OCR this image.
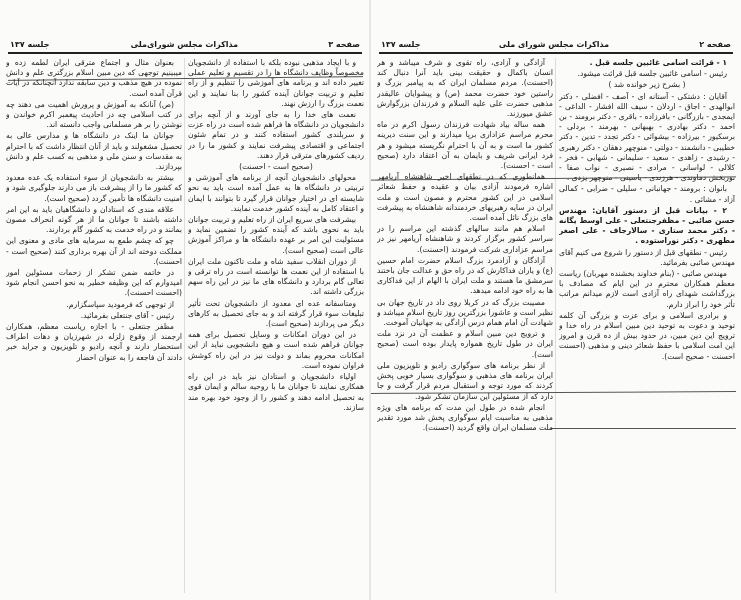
صفحه ۳
مذاکرات مجلس شورای‌ملی
جلسه ۱۳۷

و با ایجاد مذهبی نبوده بلکه با استفاده از دانشجویان مخصوصاً وظایف دانشگاه ها را در تقسیم و تعلیم عملی تغییر داده اند و برنامه های آموزشی را تنظیم و از راه تعلیم و تربیت جوانان آینده کشور را بنا نمایند و این نعمت بزرگ را ارزش نهند.

نعمت های خدا را به جای آورند و از آنچه برای دانشجویان در دانشگاه ها فراهم شده است در راه عزت و سربلندی کشور استفاده کنند و در تمام شئون اجتماعی و اقتصادی پیشرفت نمایند و کشور ما را در ردیف کشورهای مترقی قرار دهند.

(صحیح است - احسنت)

محولهای دانشجویان آنچه از برنامه های آموزشی و تربیتی در دانشگاه ها به عمل آمده است باید به نحو شایسته ای در اختیار جوانان قرار گیرد تا بتوانند با ایمان و اعتقاد کامل به آینده کشور خدمت نمایند.

بیشرفت های سریع ایران از راه تعلیم و تربیت جوانان باید به نحوی باشد که آینده کشور را تضمین نماید و مسئولیت این امر بر عهده دانشگاه ها و مراکز آموزش عالی است (صحیح است).

از دوران انقلاب سفید شاه و ملت تاکنون ملت ایران با استفاده از این نعمت ها توانسته است در راه ترقی و تعالی گام بردارد و دانشگاه های ما نیز در این راه سهم بزرگی داشته اند.

ومتاسفانه عده ای معدود از دانشجویان تحت تأثیر تبلیغات سوء قرار گرفته اند و به جای تحصیل به کارهای دیگر می پردازند (صحیح است).

در این دوران امکانات و وسایل تحصیل برای همه جوانان فراهم شده است و هیچ دانشجویی نباید از این امکانات محروم بماند و دولت نیز در این راه کوشش فراوان نموده است.

اولیاء دانشجویان و استادان نیز باید در این راه همکاری نمایند تا جوانان ما با روحیه سالم و ایمان قوی به تحصیل ادامه دهند و کشور را از وجود خود بهره مند سازند.

بعنوان مثال و اجتماع مترقی ایران لطمه زده و میبینیم توجهی که دین مبین اسلام بزرگتری علم و دانش نموده در هیچ مذهب و دین سابقه ندارد آنچنانکه در آیات قرآن آمده است.

(ص) آنانکه به آموزش و پرورش اهمیت می دهند چه در کتب اسلامی چه در احادیث پیغمبر اکرم خواندن و نوشتن را بر هر مسلمانی واجب دانسته اند.

جوانان ما اینک در دانشگاه ها و مدارس عالی به تحصیل مشغولند و باید از آنان انتظار داشت که با احترام به مقدسات و سنن ملی و مذهبی به کسب علم و دانش بپردازند.

بیشتر به دانشجویان از سوء استفاده یک عده معدود که کشور ما را از پیشرفت باز می دارند جلوگیری شود و امنیت دانشگاه ها تأمین گردد (صحیح است).

علاقه مندی که استادان و دانشگاهیان باید به این امر داشته باشند تا جوانان ما از هر گونه انحراف مصون بمانند و در راه خدمت به کشور گام بردارند.

چو که چشم طمع به سرمایه های مادی و معنوی این مملکت دوخته اند از آن بهره برداری کنند (صحیح است - احسنت).

در خاتمه ضمن تشکر از زحمات مسئولین امور امیدوارم که این وظیفه خطیر به نحو احسن انجام شود (احسنت احسنت).

از توجهی که فرمودید سپاسگزارم.

رئیس - آقای جنتعلی بفرمائید.

مظفر جنتعلی - با اجازه ریاست معظم، همکاران ارجمند از وقوع زلزله در شهرزیان و دهات اطراف استحضار دارند و آنچه رادیو و تلویزیون و جراید خبر دادند آن فاجعه را به عنوان احضار

صفحه ۲
مذاکرات مجلس شورای ملی
جلسه ۱۳۷

۱ - قرائت اسامی غائبین جلسه قبل .

رئیس - اسامی غائبین جلسه قبل قرائت میشود.

( بشرح زیر خوانده شد )

آقایان : دشتکی - آستانه ای - آصف - افضلی - دکتر ابوالهدی - اجاق - اردلان - سیف الله افشار - الداغی - ایمجدی - بازرگانی - بافرزاده - باقری - دکتر برومند - بن احمد - دکتر بهادری - بهبهانی - بهرمند - بردلی - برسکیور - بیرزاده - بیشوائی - دکتر تجدد - تدین - دکتر خطیبی - دانشمند - دولتی - منوچهر دهقان - دکتر رهبری - رشیدی - زاهدی - سعید - سلیمانی - شهابی - فخر - کلالی - لواسانی - مرادی - نصیری - نواب صفا - نوربخش دماوندی - هرزندی - یاسینی - منوچهر یزدی .

بانوان : برومند - جهانبانی - سلیلی - ضرابی - کمالی آزاد - مشائی .

۲ - بیانات قبل از دستور آقایان: مهندس حسن صائبی - مظفرجنتعلی - علی اوسط یگانه - دکتر محمد ستاری - سالارجاف - علی اصغر مطهری - دکتر نوراستوده .

رئیس - نطقهای قبل از دستور را شروع می کنیم آقای مهندس صائبی بفرمائید.

مهندس صائبی - (بنام خداوند بخشنده مهربان) ریاست معظم همکاران محترم در این ایام که مصادف با بزرگداشت شهدای راه آزادی است لازم میدانم مراتب تأثر خود را ابراز دارم.

و برادری اسلامی و برای عزت و بزرگی آن کلمه توحید و دعوت به توحید دین مبین اسلام در راه خدا و ترویج این دین مبین، در حدود بیش از ده قرن و امروز این امت اسلامی با حفظ شعائر دینی و مذهبی (احسنت احسنت - صحیح است).

آزادگی و آزادی، راه تقوی و شرف میباشد و هر انسان باکمال و حقیقت بینی باید آنرا دنبال کند (احسنت). مردم مسلمان ایران که به پیامبر بزرگ و راستین خود حضرت محمد (ص) و پیشوایان عالیقدر مذهبی حضرت علی علیه السلام و فرزندان بزرگوارش عشق میورزند.

همه ساله بیاد شهادت فرزندان رسول اکرم در ماه محرم مراسم عزاداری برپا میدارند و این سنت دیرینه کشور ما است و به آن با احترام نگریسته میشود و هر فرد ایرانی شریف و بایمان به آن اعتقاد دارد (صحیح است - احسنت).

همانطوری که در نطقهای اخیر شاهنشاه آریامهر اشاره فرمودند آزادی بیان و عقیده و حفظ شعائر اسلامی در این کشور محترم و مصون است و ملت ایران در سایه رهبریهای خردمندانه شاهنشاه به پیشرفت های بزرگ نائل آمده است.

اسلام هم مانند سالهای گذشته این مراسم را در سراسر کشور برگزار کردند و شاهنشاه آریامهر نیز در مراسم عزاداری شرکت فرمودند (احسنت).

آزادگان و آزادمرد بزرگ اسلام حضرت امام حسین (ع) و یاران فداکارش که در راه حق و عدالت جان باختند سرمشق ما هستند و ملت ایران با الهام از این فداکاری ها به راه خود ادامه میدهد.

مصیبت بزرگ که در کربلا روی داد در تاریخ جهان بی نظیر است و عاشورا بزرگترین روز تاریخ اسلام میباشد و شهادت آن امام همام درس آزادگی به جهانیان آموخت.

و ترویج دین مبین اسلام و عظمت آن در نزد ملت ایران در طول تاریخ همواره پایدار بوده است (صحیح است).

از نظر برنامه های سوگواری رادیو و تلویزیون ملی ایران برنامه های مذهبی و سوگواری بسیار خوبی پخش کردند که مورد توجه و استقبال مردم قرار گرفت و جا دارد که از مسئولین این سازمان تشکر شود.

انجام شده در طول این مدت که برنامه های ویژه مذهبی به مناسبت ایام سوگواری پخش شد مورد تقدیر ملت مسلمان ایران واقع گردید (احسنت).
